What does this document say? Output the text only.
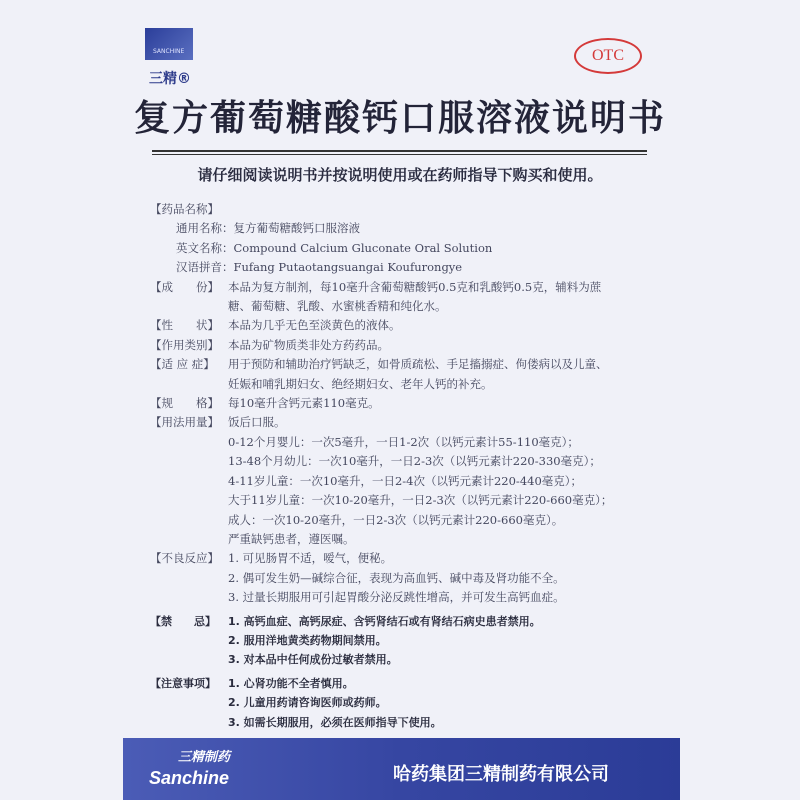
SANCHINE
三精®
OTC
复方葡萄糖酸钙口服溶液说明书
请仔细阅读说明书并按说明使用或在药师指导下购买和使用。
【药品名称】
通用名称： 复方葡萄糖酸钙口服溶液
英文名称： Compound Calcium Gluconate Oral Solution
汉语拼音： Fufang Putaotangsuangai Koufurongye
【成　　份】 本品为复方制剂，每10毫升含葡萄糖酸钙0.5克和乳酸钙0.5克，辅料为蔗
糖、葡萄糖、乳酸、水蜜桃香精和纯化水。
【性　　状】 本品为几乎无色至淡黄色的液体。
【作用类别】 本品为矿物质类非处方药药品。
【适 应 症】	用于预防和辅助治疗钙缺乏，如骨质疏松、手足搐搦症、佝偻病以及儿童、
妊娠和哺乳期妇女、绝经期妇女、老年人钙的补充。
【规　　格】 每10毫升含钙元素110毫克。
【用法用量】 饭后口服。
0-12个月婴儿：一次5毫升，一日1-2次（以钙元素计55-110毫克）；
13-48个月幼儿：一次10毫升，一日2-3次（以钙元素计220-330毫克）；
4-11岁儿童：一次10毫升，一日2-4次（以钙元素计220-440毫克）；
大于11岁儿童：一次10-20毫升，一日2-3次（以钙元素计220-660毫克）；
成人：一次10-20毫升，一日2-3次（以钙元素计220-660毫克）。
严重缺钙患者，遵医嘱。
【不良反应】 1. 可见肠胃不适，嗳气，便秘。
2. 偶可发生奶—碱综合征，表现为高血钙、碱中毒及肾功能不全。
3. 过量长期服用可引起胃酸分泌反跳性增高，并可发生高钙血症。
【禁　　忌】	1. 高钙血症、高钙尿症、含钙肾结石或有肾结石病史患者禁用。
2. 服用洋地黄类药物期间禁用。
3. 对本品中任何成份过敏者禁用。
【注意事项】	1. 心肾功能不全者慎用。
2. 儿童用药请咨询医师或药师。
3. 如需长期服用，必须在医师指导下使用。
三精制药
Sanchine	哈药集团三精制药有限公司
